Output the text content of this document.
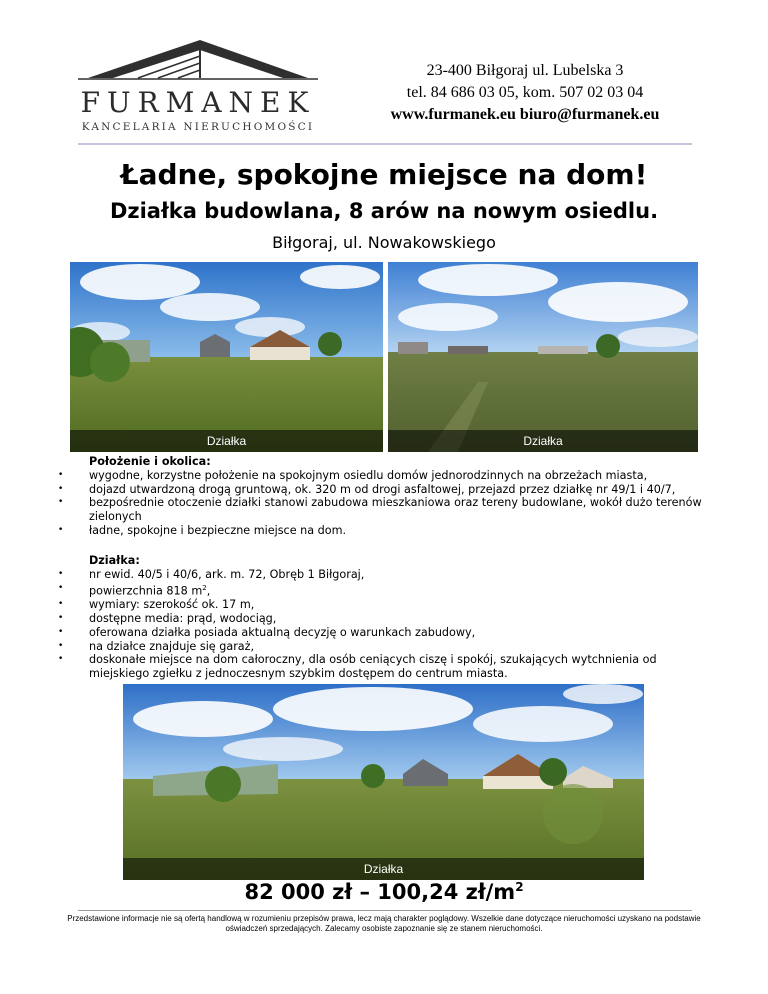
FURMANEK
KANCELARIA NIERUCHOMOŚCI
23-400 Biłgoraj ul. Lubelska 3
tel. 84 686 03 05, kom. 507 02 03 04
www.furmanek.eu biuro@furmanek.eu
Ładne, spokojne miejsce na dom!
Działka budowlana, 8 arów na nowym osiedlu.
Biłgoraj, ul. Nowakowskiego
Działka	Działka
Położenie i okolica:
• wygodne, korzystne położenie na spokojnym osiedlu domów jednorodzinnych na obrzeżach miasta,
• dojazd utwardzoną drogą gruntową, ok. 320 m od drogi asfaltowej, przejazd przez działkę nr 49/1 i 40/7,
• bezpośrednie otoczenie działki stanowi zabudowa mieszkaniowa oraz tereny budowlane, wokół dużo terenów zielonych
• ładne, spokojne i bezpieczne miejsce na dom.
Działka:
• nr ewid. 40/5 i 40/6, ark. m. 72, Obręb 1 Biłgoraj,
• powierzchnia 818 $m^2$,
• wymiary: szerokość ok. 17 m,
• dostępne media: prąd, wodociąg,
• oferowana działka posiada aktualną decyzję o warunkach zabudowy,
• na działce znajduje się garaż,
• doskonałe miejsce na dom całoroczny, dla osób ceniących ciszę i spokój, szukających wytchnienia od miejskiego zgiełku z jednoczesnym szybkim dostępem do centrum miasta.
Działka
82 000 zł – 100,24 $zł/m^2$
Przedstawione informacje nie są ofertą handlową w rozumieniu przepisów prawa, lecz mają charakter poglądowy. Wszelkie dane dotyczące nieruchomości uzyskano na podstawie oświadczeń sprzedających. Zalecamy osobiste zapoznanie się ze stanem nieruchomości.
